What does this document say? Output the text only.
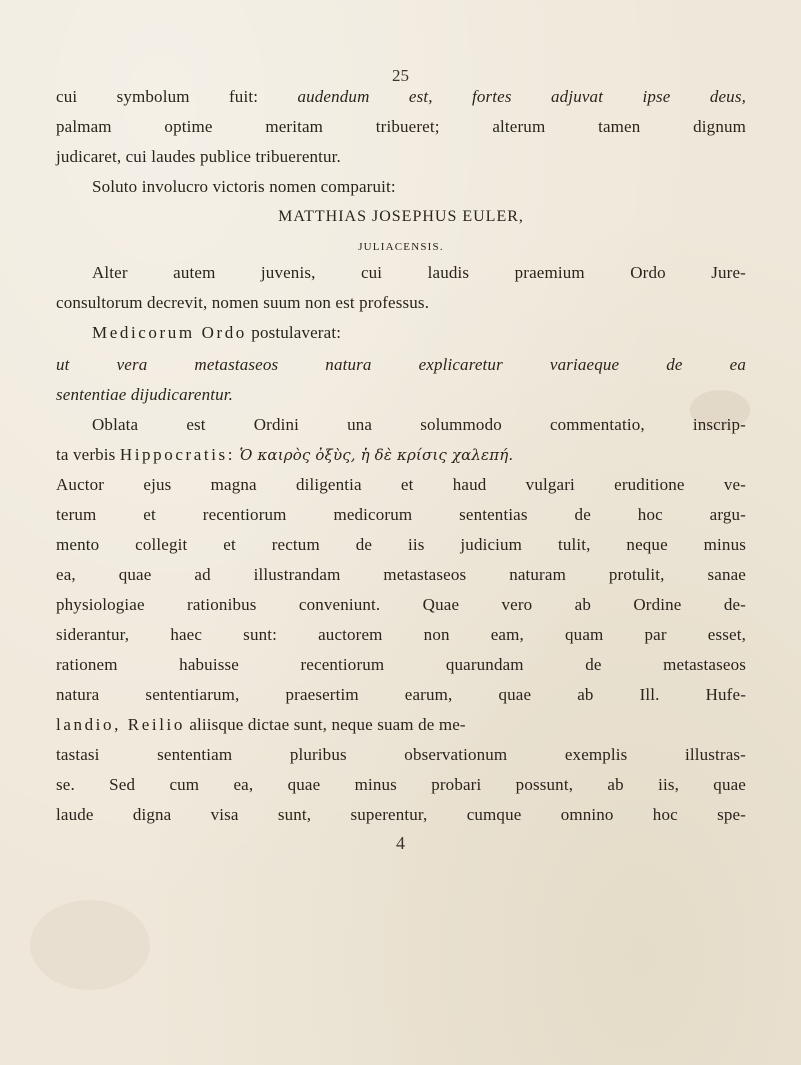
25
cui symbolum fuit: audendum est, fortes adjuvat ipse deus,
palmam optime meritam tribueret; alterum tamen dignum
judicaret, cui laudes publice tribuerentur.
Soluto involucro victoris nomen comparuit:
MATTHIAS JOSEPHUS EULER,
JULIACENSIS.
Alter autem juvenis, cui laudis praemium Ordo Jure-
consultorum decrevit, nomen suum non est professus.
Medicorum Ordo postulaverat:
ut vera metastaseos natura explicaretur variaeque de ea
sententiae dijudicarentur.
Oblata est Ordini una solummodo commentatio, inscrip-
ta verbis Hippocratis: Ὁ καιρὸς ὀξὺς, ἡ δὲ κρίσις χαλεπή.
Auctor ejus magna diligentia et haud vulgari eruditione ve-
terum et recentiorum medicorum sententias de hoc argu-
mento collegit et rectum de iis judicium tulit, neque minus
ea, quae ad illustrandam metastaseos naturam protulit, sanae
physiologiae rationibus conveniunt. Quae vero ab Ordine de-
siderantur, haec sunt: auctorem non eam, quam par esset,
rationem habuisse recentiorum quarundam de metastaseos
natura sententiarum, praesertim earum, quae ab Ill. Hufe-
landio, Reilio aliisque dictae sunt, neque suam de me-
tastasi sententiam pluribus observationum exemplis illustras-
se. Sed cum ea, quae minus probari possunt, ab iis, quae
laude digna visa sunt, superentur, cumque omnino hoc spe-
4
